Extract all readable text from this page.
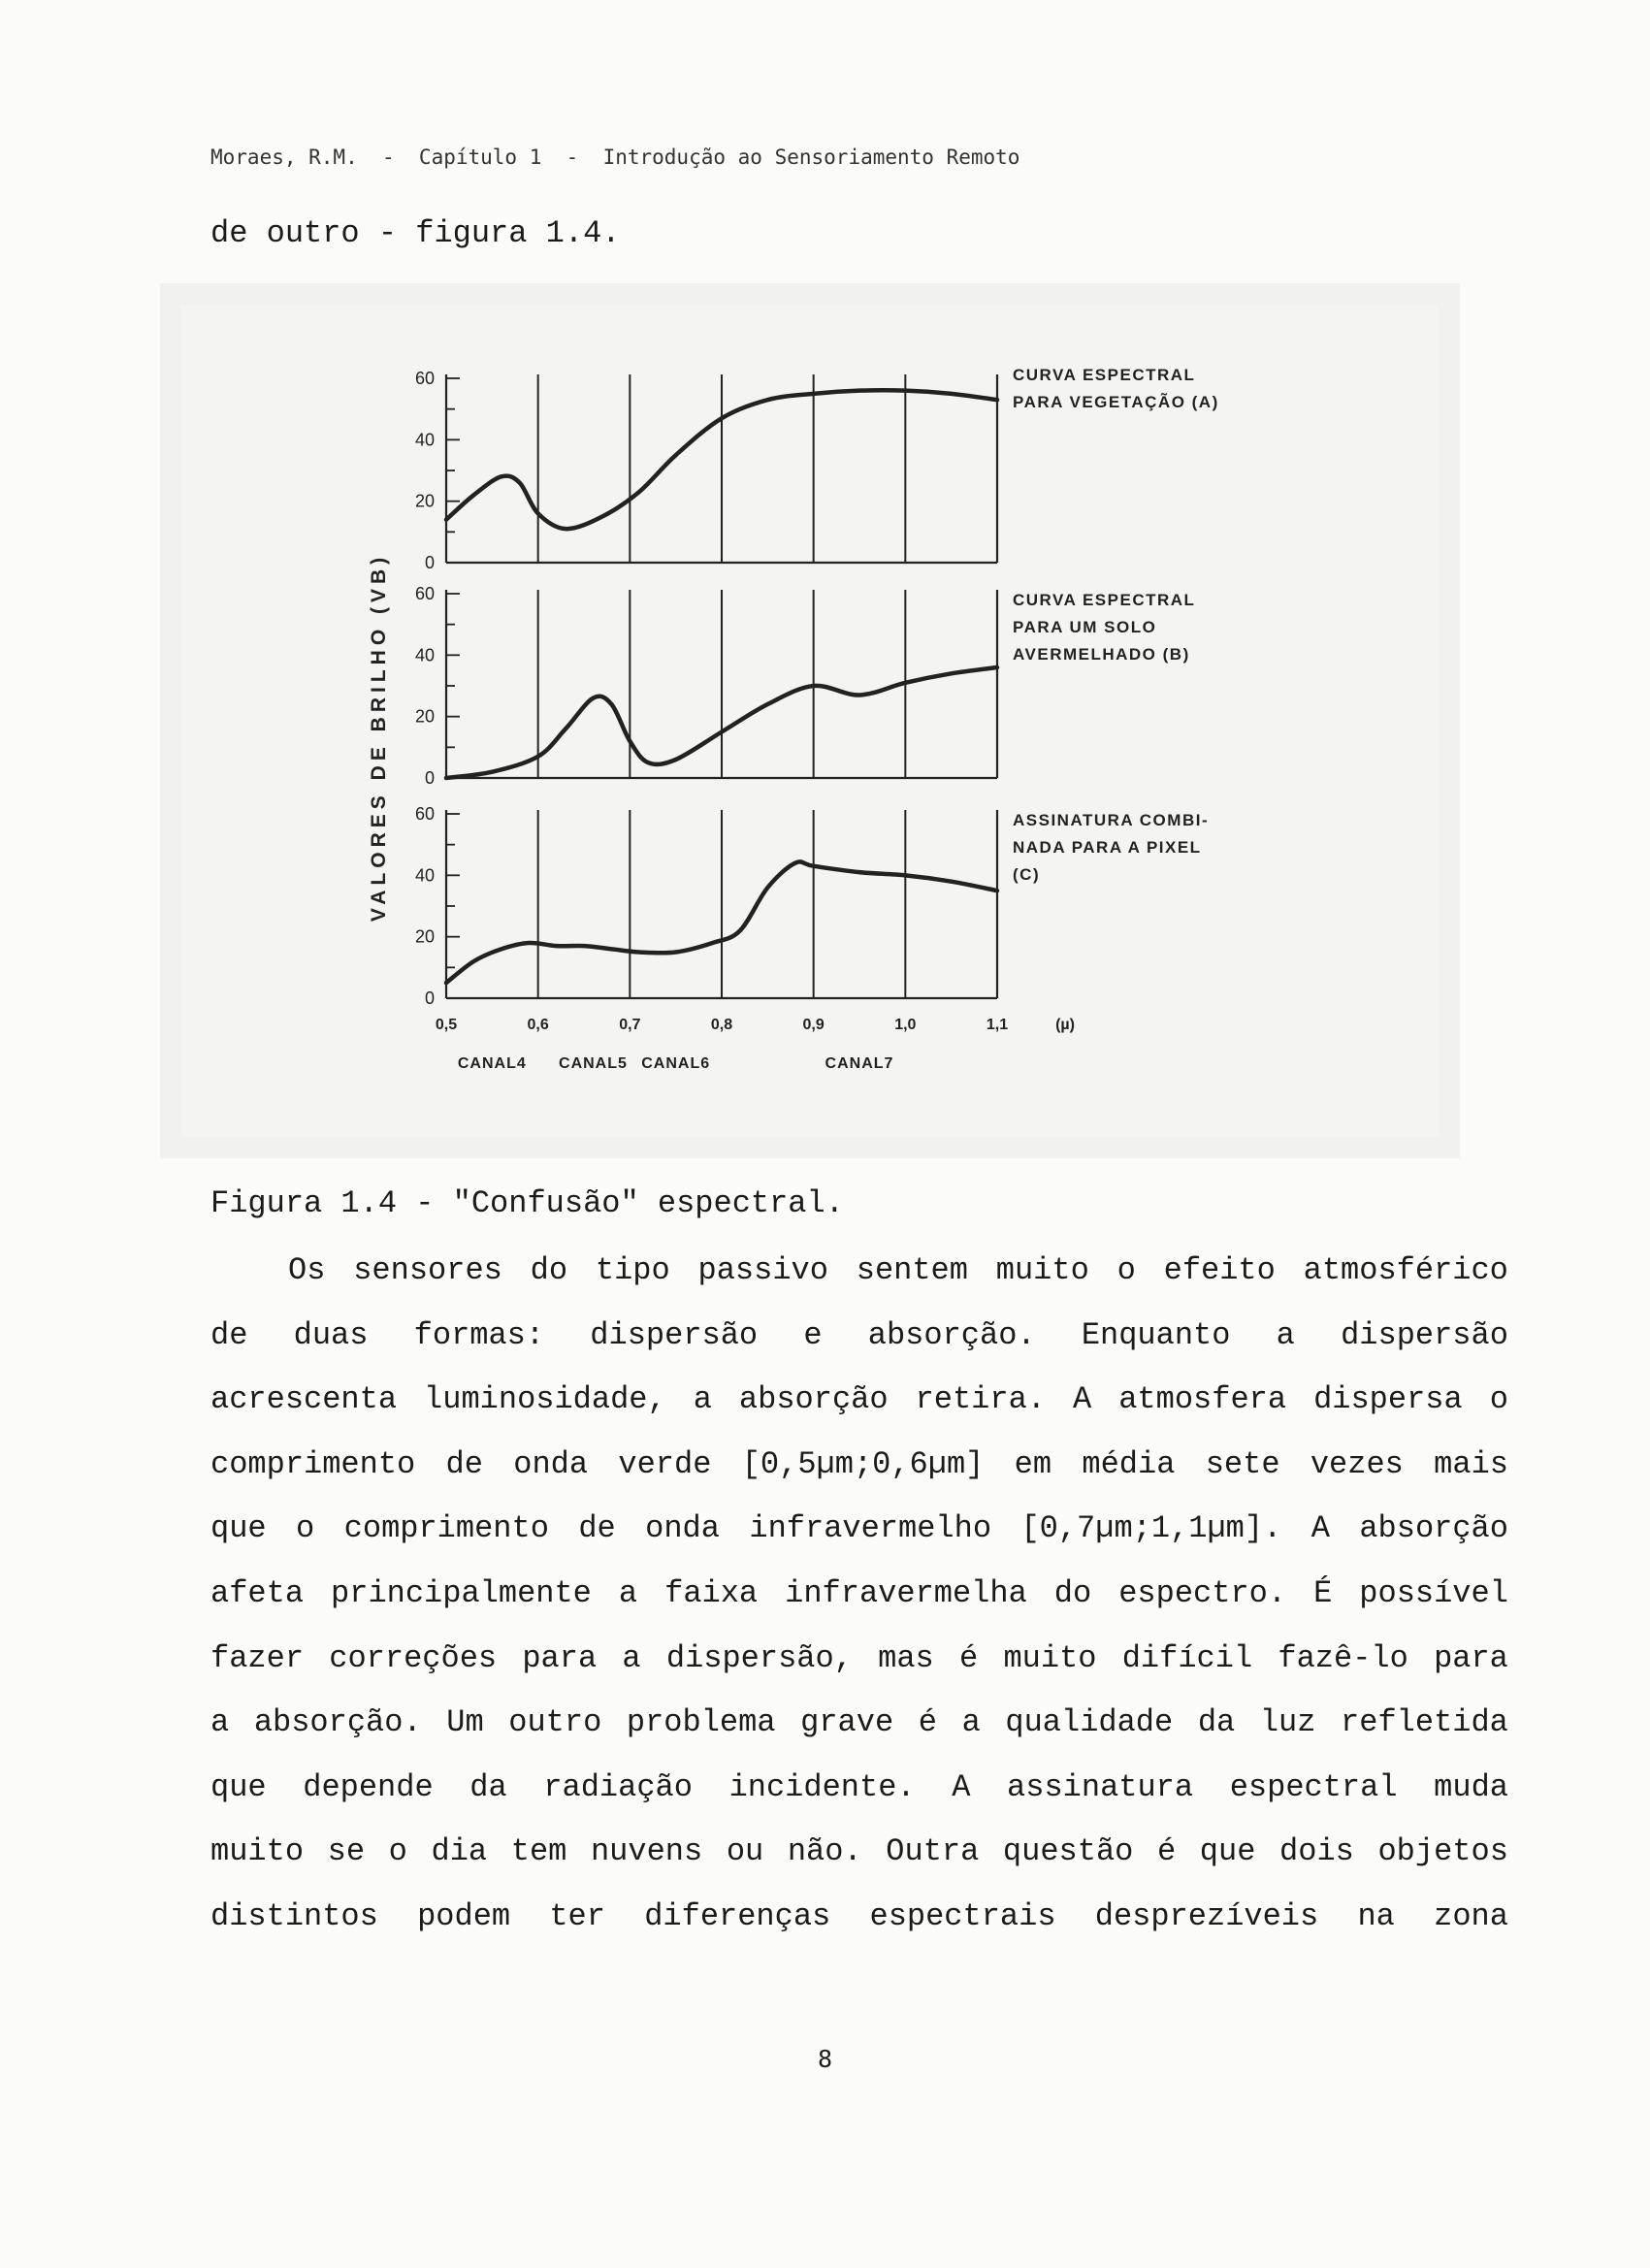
Moraes, R.M.  -  Capítulo 1  -  Introdução ao Sensoriamento Remoto
de outro - figura 1.4.
VALORES DE BRILHO (VB)
60
40
20
0
CURVA ESPECTRAL
PARA VEGETAÇÃO (A)
60
40
20
0
CURVA ESPECTRAL
PARA UM SOLO
AVERMELHADO (B)
60
40
20
0
ASSINATURA COMBI-
NADA PARA A PIXEL
(C)
0,5	0,6	0,7	0,8	0,9	1,0	1,1	(µ)
CANAL4 CANAL5 CANAL6	CANAL7
Figura 1.4 - "Confusão" espectral.
Os sensores do tipo passivo sentem muito o efeito atmosférico
de duas formas: dispersão e absorção. Enquanto a dispersão
acrescenta luminosidade, a absorção retira. A atmosfera dispersa o
comprimento de onda verde [0,5µm;0,6µm] em média sete vezes mais
que o comprimento de onda infravermelho [0,7µm;1,1µm]. A absorção
afeta principalmente a faixa infravermelha do espectro. É possível
fazer correções para a dispersão, mas é muito difícil fazê-lo para
a absorção. Um outro problema grave é a qualidade da luz refletida
que depende da radiação incidente. A assinatura espectral muda
muito se o dia tem nuvens ou não. Outra questão é que dois objetos
distintos podem ter diferenças espectrais desprezíveis na zona
8
